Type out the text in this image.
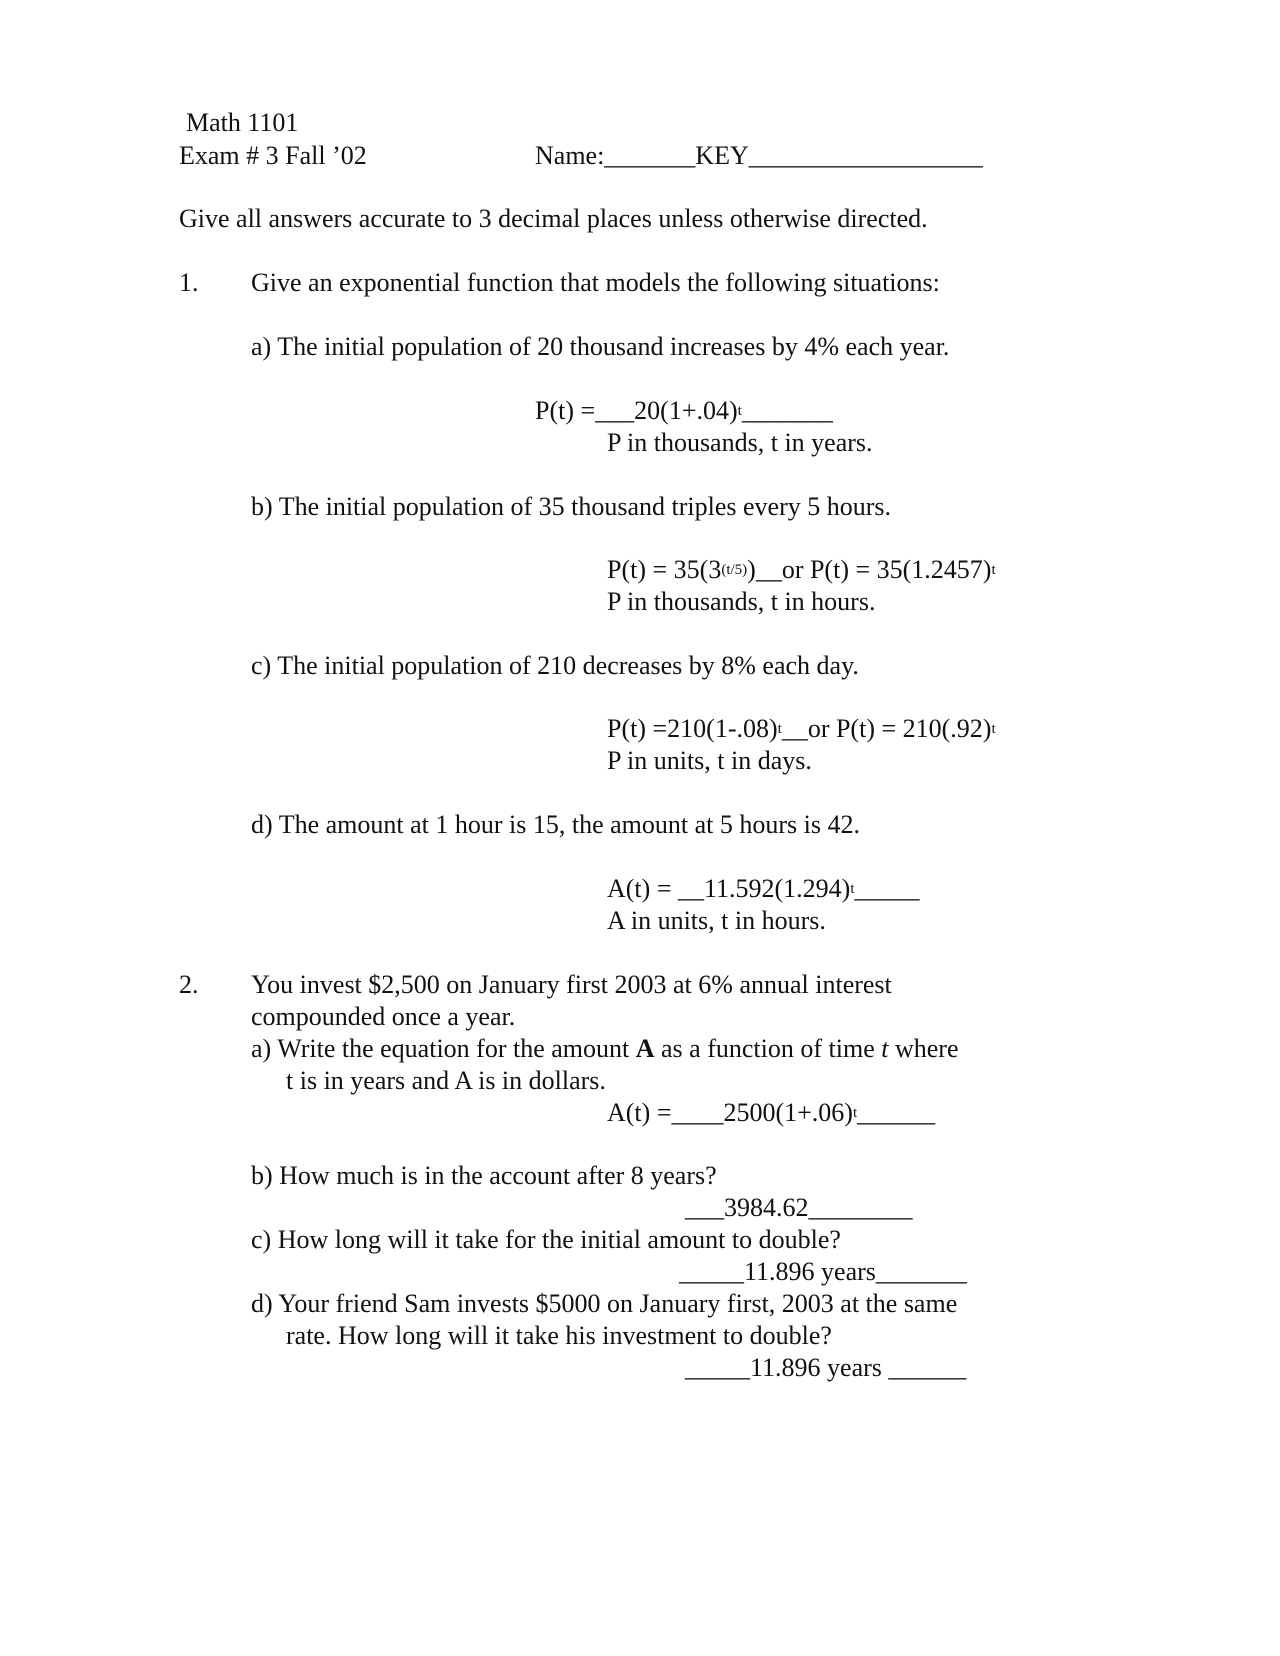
Math 1101
Exam # 3 Fall ’02	Name:_______KEY__________________
Give all answers accurate to 3 decimal places unless otherwise directed.
1. Give an exponential function that models the following situations:
a) The initial population of 20 thousand increases by 4% each year.
$P(t) =\_\_\_20(1+.04)^t\_\_\_\_\_\_\_$
P in thousands, t in years.
b) The initial population of 35 thousand triples every 5 hours.
$P(t) = 35(3^{(t/5)})\_\_or$ $P(t) = 35(1.2457)^t$
P in thousands, t in hours.
c) The initial population of 210 decreases by 8% each day.
$P(t) =210(1-.08)^t\_\_or$ $P(t) = 210(.92)^t$
P in units, t in days.
d) The amount at 1 hour is 15, the amount at 5 hours is 42.
$A(t) = \_\_11.592(1.294)^t\_\_\_\_\_$
A in units, t in hours.
2. You invest $2,500 on January first 2003 at 6% annual interest
compounded once a year.
a) Write the equation for the amount A as a function of time t where
t is in years and A is in dollars.
$A(t) =\_\_\_\_2500(1+.06)^t\_\_\_\_\_\_$
b) How much is in the account after 8 years?
___3984.62________
c) How long will it take for the initial amount to double?
_____11.896 years_______
d) Your friend Sam invests $5000 on January first, 2003 at the same
rate. How long will it take his investment to double?
_____11.896 years ______
